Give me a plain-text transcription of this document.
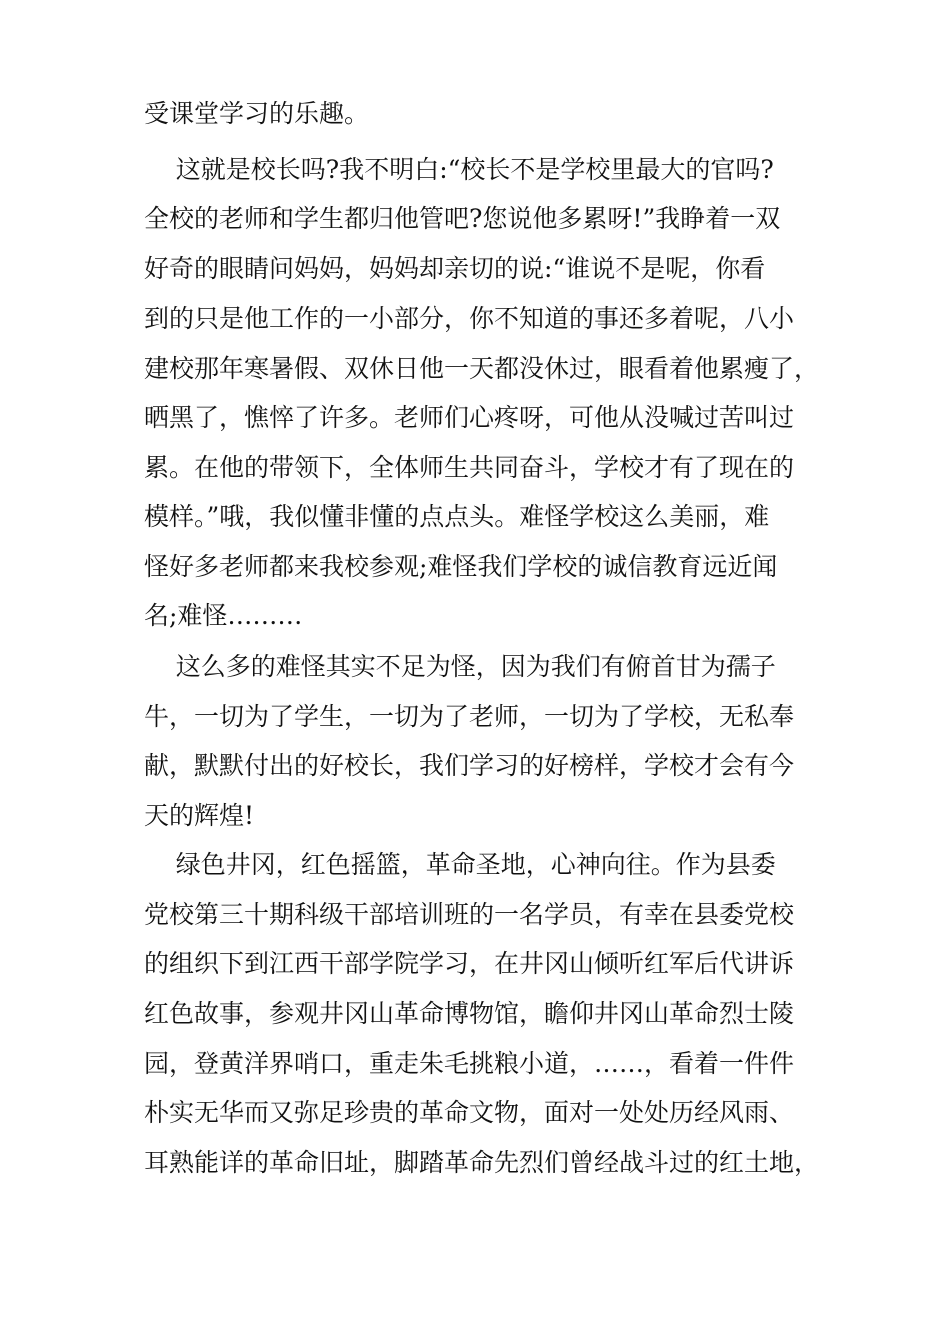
受课堂学习的乐趣。
这就是校长吗?我不明白:“校长不是学校里最大的官吗?
全校的老师和学生都归他管吧?您说他多累呀!”我睁着一双
好奇的眼睛问妈妈，妈妈却亲切的说:“谁说不是呢，你看
到的只是他工作的一小部分，你不知道的事还多着呢，八小
建校那年寒暑假、双休日他一天都没休过，眼看着他累瘦了，
晒黑了，憔悴了许多。老师们心疼呀，可他从没喊过苦叫过
累。在他的带领下，全体师生共同奋斗，学校才有了现在的
模样。”哦，我似懂非懂的点点头。难怪学校这么美丽，难
怪好多老师都来我校参观;难怪我们学校的诚信教育远近闻
名;难怪………
这么多的难怪其实不足为怪，因为我们有俯首甘为孺子
牛，一切为了学生，一切为了老师，一切为了学校，无私奉
献，默默付出的好校长，我们学习的好榜样，学校才会有今
天的辉煌!
绿色井冈，红色摇篮，革命圣地，心神向往。作为县委
党校第三十期科级干部培训班的一名学员，有幸在县委党校
的组织下到江西干部学院学习，在井冈山倾听红军后代讲诉
红色故事，参观井冈山革命博物馆，瞻仰井冈山革命烈士陵
园，登黄洋界哨口，重走朱毛挑粮小道，……，看着一件件
朴实无华而又弥足珍贵的革命文物，面对一处处历经风雨、
耳熟能详的革命旧址，脚踏革命先烈们曾经战斗过的红土地，
